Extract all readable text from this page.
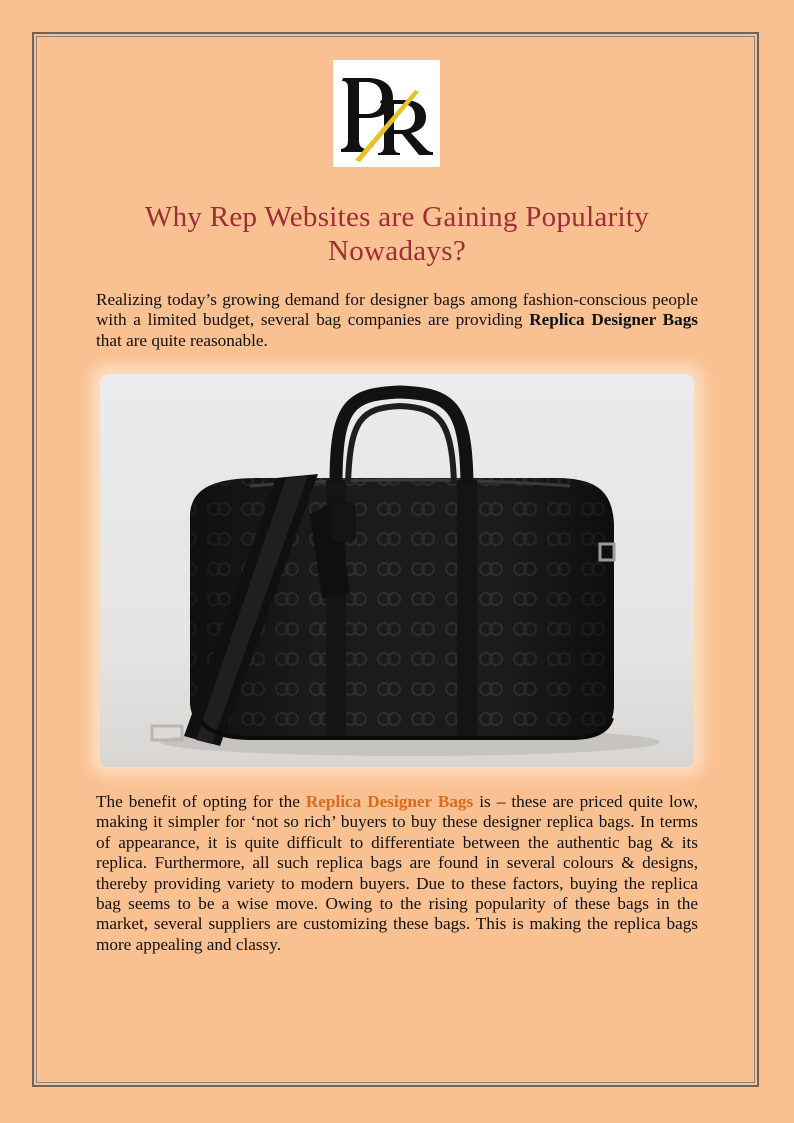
Why Rep Websites are Gaining Popularity
Nowadays?

Realizing today’s growing demand for designer bags among fashion-conscious people with a limited budget, several bag companies are providing Replica Designer Bags that are quite reasonable.

The benefit of opting for the Replica Designer Bags is – these are priced quite low, making it simpler for ‘not so rich’ buyers to buy these designer replica bags. In terms of appearance, it is quite difficult to differentiate between the authentic bag & its replica. Furthermore, all such replica bags are found in several colours & designs, thereby providing variety to modern buyers. Due to these factors, buying the replica bag seems to be a wise move. Owing to the rising popularity of these bags in the market, several suppliers are customizing these bags. This is making the replica bags more appealing and classy.
